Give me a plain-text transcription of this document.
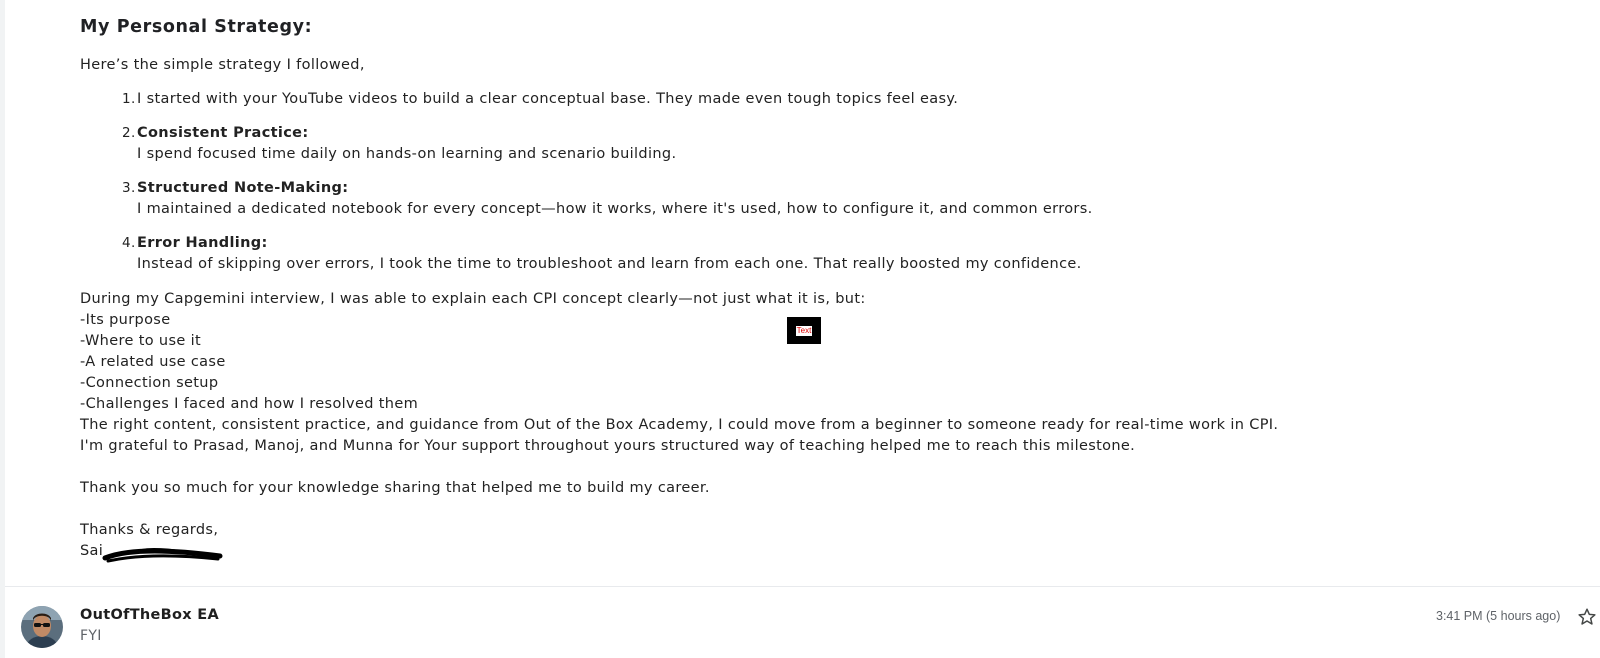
My Personal Strategy:
Here’s the simple strategy I followed,
1. I started with your YouTube videos to build a clear conceptual base. They made even tough topics feel easy.
2. Consistent Practice:
I spend focused time daily on hands-on learning and scenario building.
3. Structured Note-Making:
I maintained a dedicated notebook for every concept—how it works, where it's used, how to configure it, and common errors.
4. Error Handling:
Instead of skipping over errors, I took the time to troubleshoot and learn from each one. That really boosted my confidence.
During my Capgemini interview, I was able to explain each CPI concept clearly—not just what it is, but:
-Its purpose
-Where to use it
-A related use case
-Connection setup
-Challenges I faced and how I resolved them
The right content, consistent practice, and guidance from Out of the Box Academy, I could move from a beginner to someone ready for real-time work in CPI.
I'm grateful to Prasad, Manoj, and Munna for Your support throughout yours structured way of teaching helped me to reach this milestone.
Thank you so much for your knowledge sharing that helped me to build my career.
Thanks & regards,
Sai
Text
OutOfTheBox EA
FYI
3:41 PM (5 hours ago)
